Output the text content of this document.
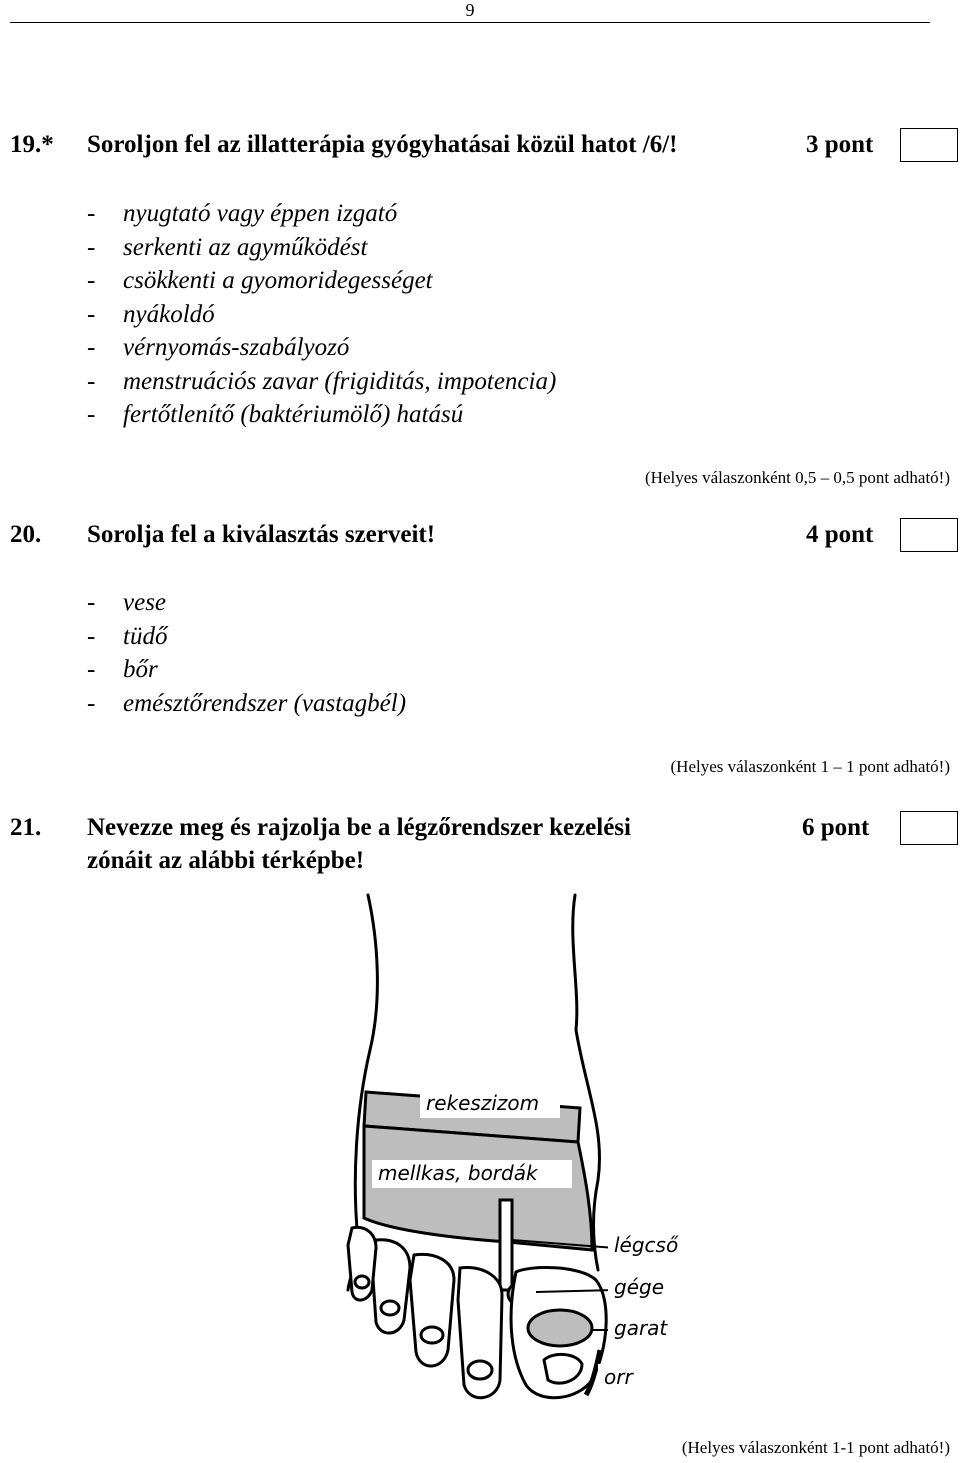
9
19.* Soroljon fel az illatterápia gyógyhatásai közül hatot /6/!	3 pont
- nyugtató vagy éppen izgató
- serkenti az agyműködést
- csökkenti a gyomoridegességet
- nyákoldó
- vérnyomás-szabályozó
- menstruációs zavar (frigiditás, impotencia)
- fertőtlenítő (baktériumölő) hatású
(Helyes válaszonként 0,5 – 0,5 pont adható!)
20. Sorolja fel a kiválasztás szerveit!	4 pont
- vese
- tüdő
- bőr
- emésztőrendszer (vastagbél)
(Helyes válaszonként 1 – 1 pont adható!)
21. Nevezze meg és rajzolja be a légzőrendszer kezelési
zónáit az alábbi térképbe!
6 pont
rekeszizom
mellkas, bordák
légcső
gége
garat
orr
(Helyes válaszonként 1-1 pont adható!)
